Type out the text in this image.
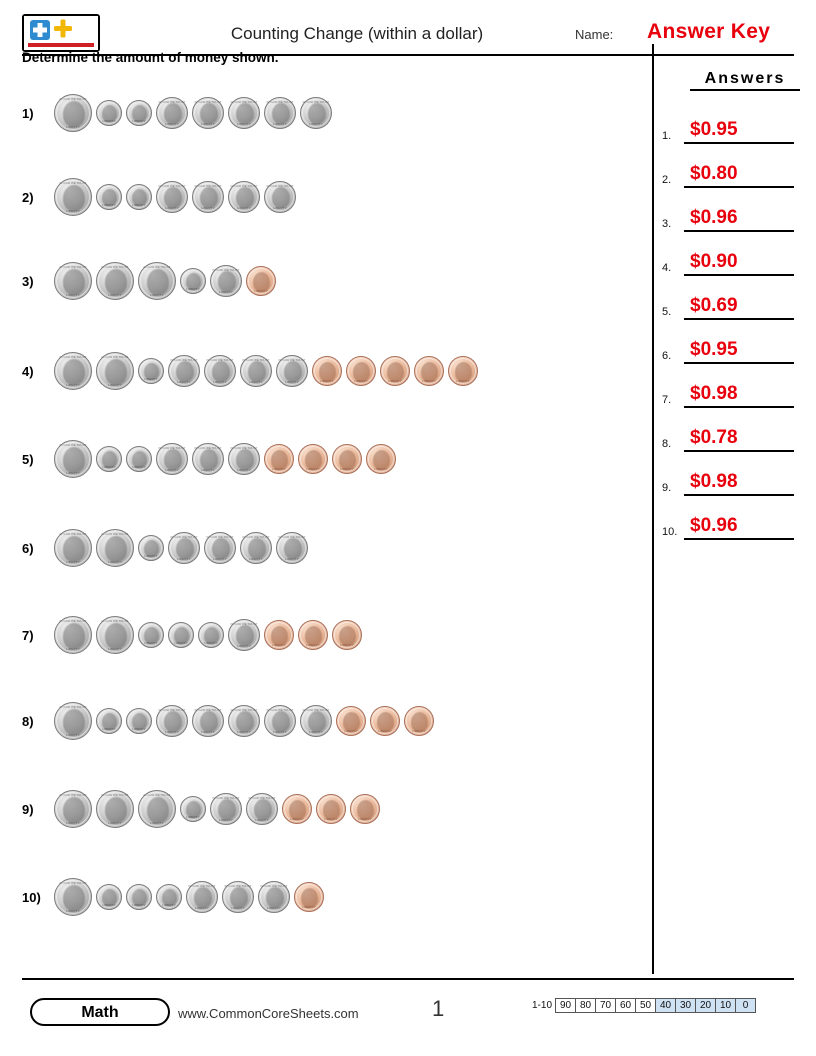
Counting Change (within a dollar)	Name: Answer Key
Determine the amount of money shown.
Answers
1. $0.95
2. $0.80
3. $0.96
4. $0.90
5. $0.69
6. $0.95
7. $0.98
8. $0.78
9. $0.98
10. $0.96
1)
LIBERTY
IN GOD WE TRUST
LIBERTY	LIBERTY
LIBERTY
IN GOD WE TRUST
LIBERTY
IN GOD WE TRUST
LIBERTY
IN GOD WE TRUST
LIBERTY
IN GOD WE TRUST
LIBERTY
IN GOD WE TRUST
2)
LIBERTY
IN GOD WE TRUST
LIBERTY	LIBERTY
LIBERTY
IN GOD WE TRUST
LIBERTY
IN GOD WE TRUST
LIBERTY
IN GOD WE TRUST
LIBERTY
IN GOD WE TRUST
3)
LIBERTY
IN GOD WE TRUST
LIBERTY
IN GOD WE TRUST
LIBERTY
IN GOD WE TRUST
LIBERTY
LIBERTY
IN GOD WE TRUST
LIBERTY
4)
LIBERTY
IN GOD WE TRUST
LIBERTY
IN GOD WE TRUST
LIBERTY
LIBERTY
IN GOD WE TRUST
LIBERTY
IN GOD WE TRUST
LIBERTY
IN GOD WE TRUST
LIBERTY
IN GOD WE TRUST
LIBERTY	LIBERTY	LIBERTY	LIBERTY	LIBERTY
5)
LIBERTY
IN GOD WE TRUST
LIBERTY	LIBERTY
LIBERTY
IN GOD WE TRUST
LIBERTY
IN GOD WE TRUST
LIBERTY
IN GOD WE TRUST
LIBERTY	LIBERTY	LIBERTY	LIBERTY
6)
LIBERTY
IN GOD WE TRUST
LIBERTY
IN GOD WE TRUST
LIBERTY
LIBERTY
IN GOD WE TRUST
LIBERTY
IN GOD WE TRUST
LIBERTY
IN GOD WE TRUST
LIBERTY
IN GOD WE TRUST
7)
LIBERTY
IN GOD WE TRUST
LIBERTY
IN GOD WE TRUST
LIBERTY	LIBERTY	LIBERTY
LIBERTY
IN GOD WE TRUST
LIBERTY	LIBERTY	LIBERTY
8)
LIBERTY
IN GOD WE TRUST
LIBERTY	LIBERTY
LIBERTY
IN GOD WE TRUST
LIBERTY
IN GOD WE TRUST
LIBERTY
IN GOD WE TRUST
LIBERTY
IN GOD WE TRUST
LIBERTY
IN GOD WE TRUST
LIBERTY	LIBERTY	LIBERTY
9)
LIBERTY
IN GOD WE TRUST
LIBERTY
IN GOD WE TRUST
LIBERTY
IN GOD WE TRUST
LIBERTY
LIBERTY
IN GOD WE TRUST
LIBERTY
IN GOD WE TRUST
LIBERTY	LIBERTY	LIBERTY
10)
LIBERTY
IN GOD WE TRUST
LIBERTY	LIBERTY	LIBERTY
LIBERTY
IN GOD WE TRUST
LIBERTY
IN GOD WE TRUST
LIBERTY
IN GOD WE TRUST
LIBERTY
Math	www.CommonCoreSheets.com	1	1-10 90 80 70 60 50 40 30 20 10 0
